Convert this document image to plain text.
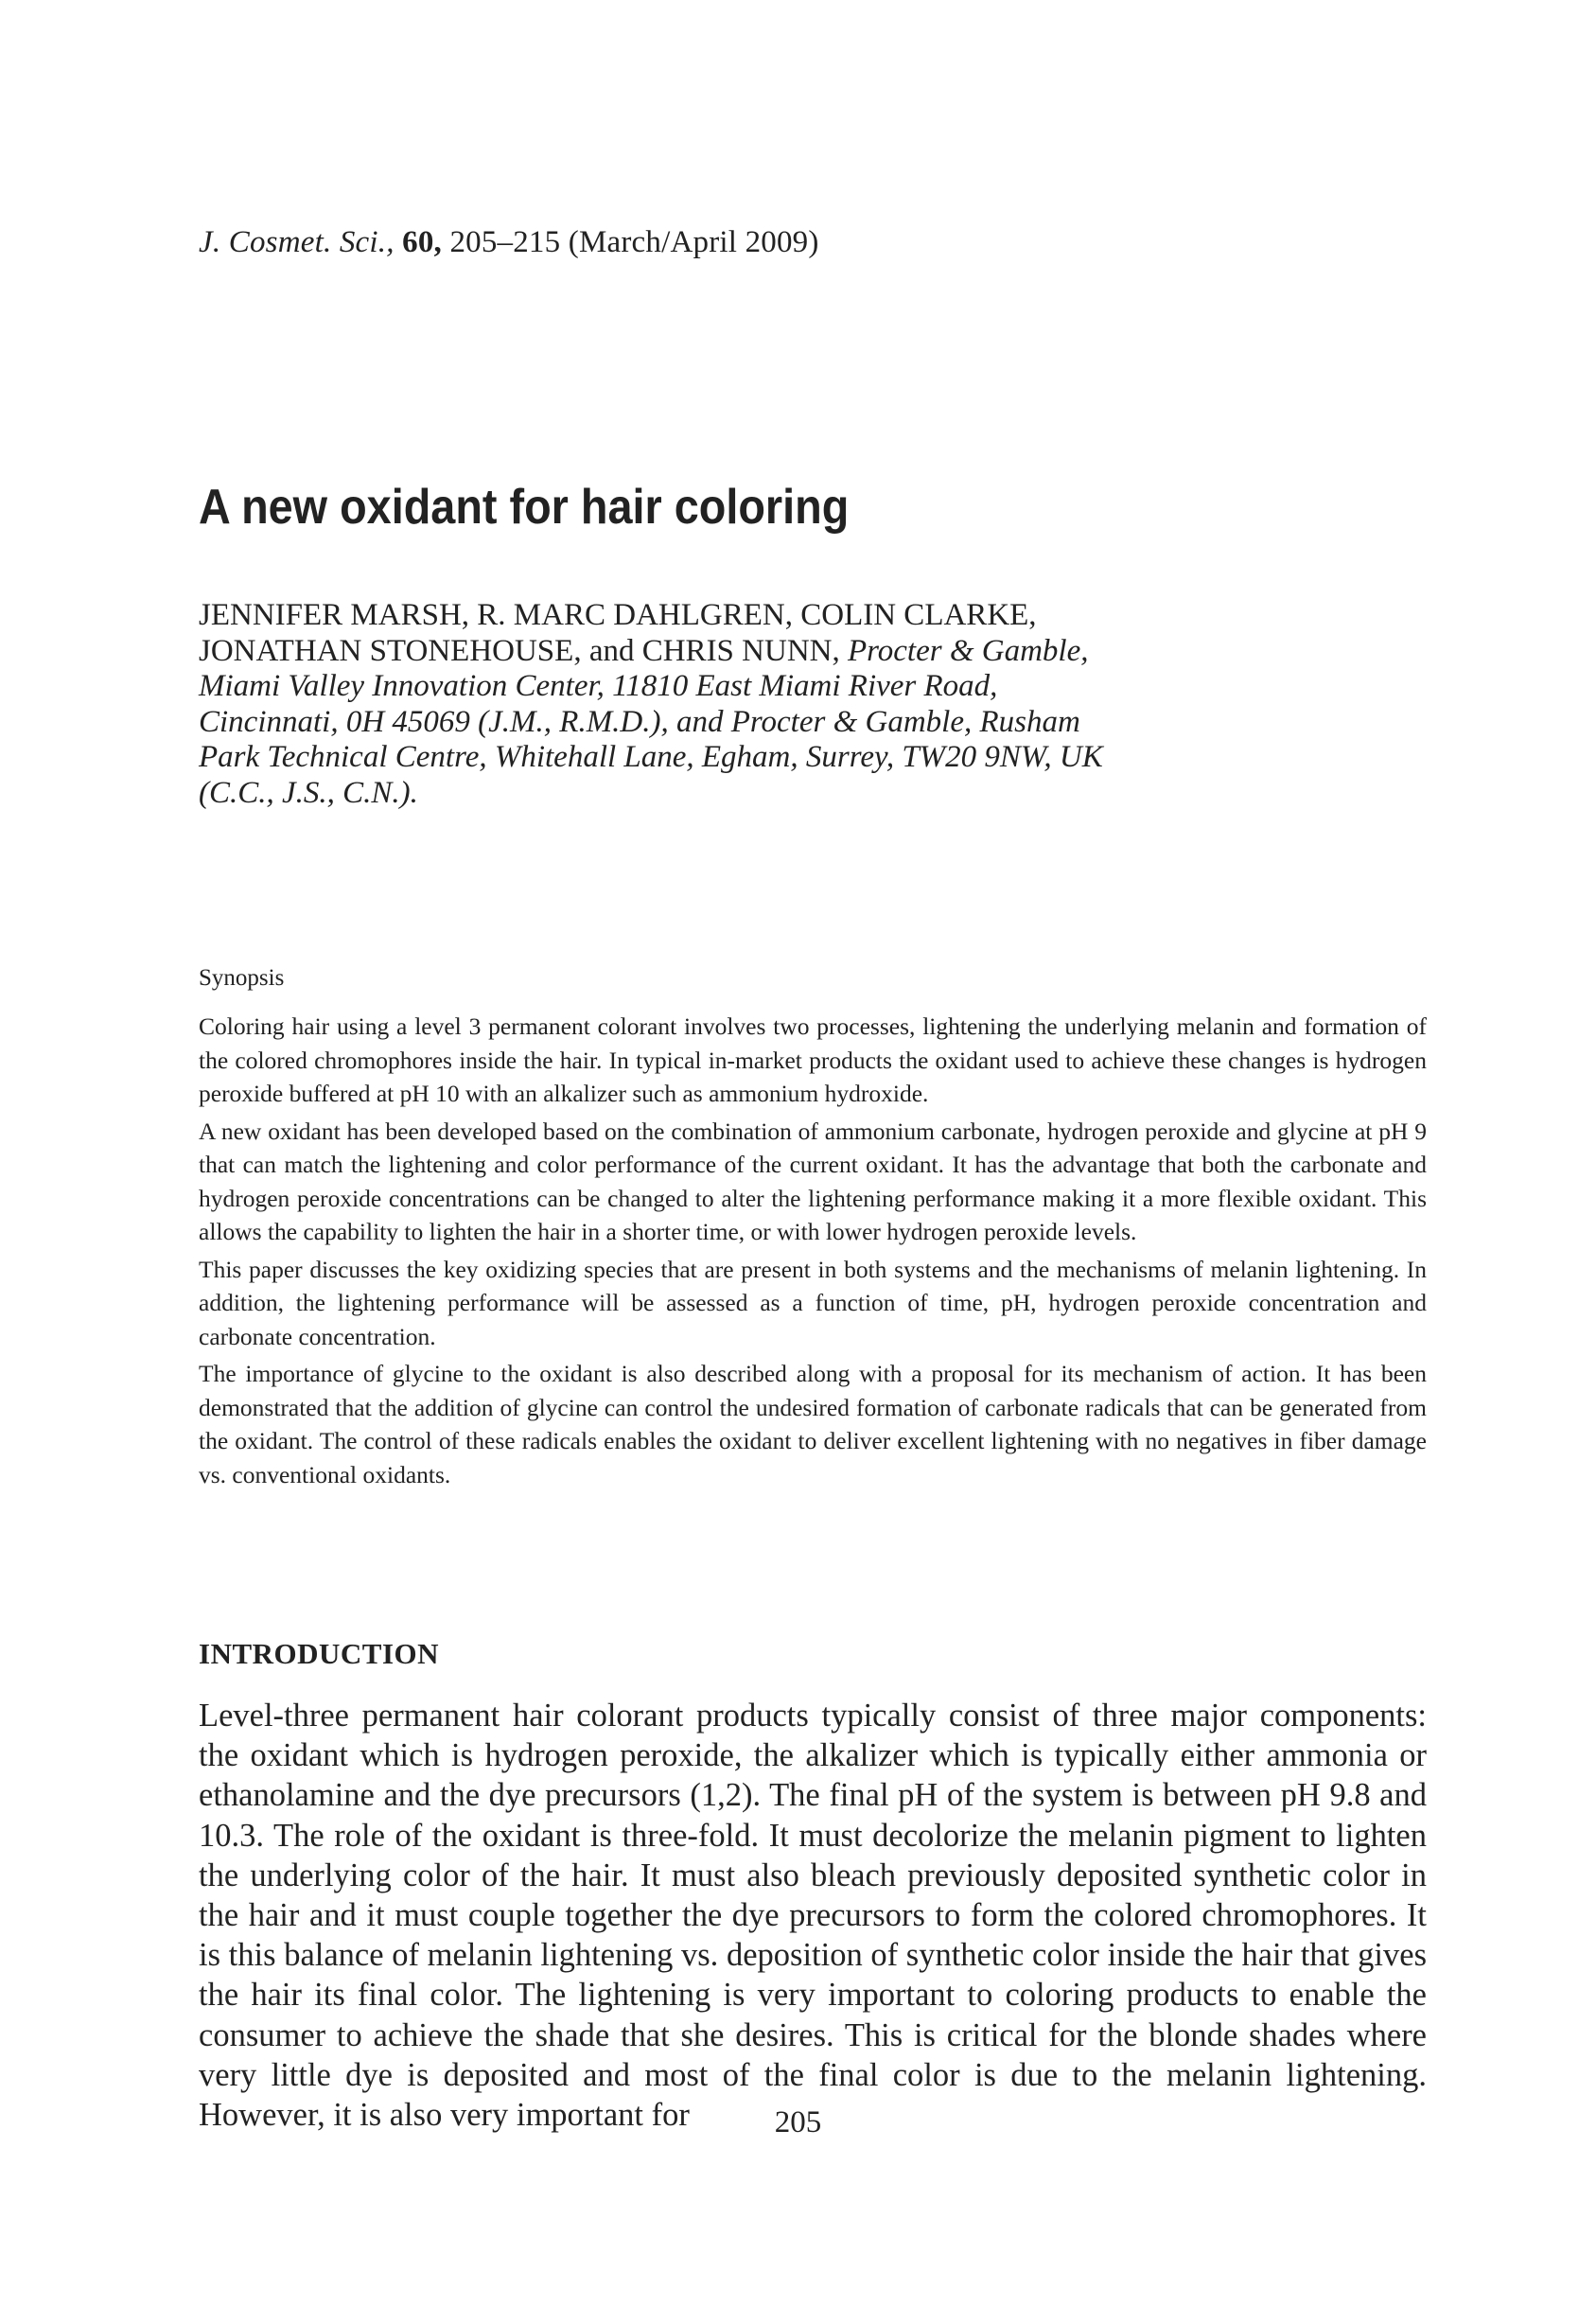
J. Cosmet. Sci., 60, 205–215 (March/April 2009)
A new oxidant for hair coloring
JENNIFER MARSH, R. MARC DAHLGREN, COLIN CLARKE, JONATHAN STONEHOUSE, and CHRIS NUNN, Procter & Gamble, Miami Valley Innovation Center, 11810 East Miami River Road, Cincinnati, 0H 45069 (J.M., R.M.D.), and Procter & Gamble, Rusham Park Technical Centre, Whitehall Lane, Egham, Surrey, TW20 9NW, UK (C.C., J.S., C.N.).
Synopsis

Coloring hair using a level 3 permanent colorant involves two processes, lightening the underlying melanin and formation of the colored chromophores inside the hair. In typical in-market products the oxidant used to achieve these changes is hydrogen peroxide buffered at pH 10 with an alkalizer such as ammonium hydroxide.

A new oxidant has been developed based on the combination of ammonium carbonate, hydrogen peroxide and glycine at pH 9 that can match the lightening and color performance of the current oxidant. It has the advantage that both the carbonate and hydrogen peroxide concentrations can be changed to alter the lightening performance making it a more flexible oxidant. This allows the capability to lighten the hair in a shorter time, or with lower hydrogen peroxide levels.

This paper discusses the key oxidizing species that are present in both systems and the mechanisms of melanin lightening. In addition, the lightening performance will be assessed as a function of time, pH, hydrogen peroxide concentration and carbonate concentration.

The importance of glycine to the oxidant is also described along with a proposal for its mechanism of action. It has been demonstrated that the addition of glycine can control the undesired formation of carbonate radicals that can be generated from the oxidant. The control of these radicals enables the oxidant to deliver excellent lightening with no negatives in fiber damage vs. conventional oxidants.

INTRODUCTION

Level-three permanent hair colorant products typically consist of three major components: the oxidant which is hydrogen peroxide, the alkalizer which is typically either ammonia or ethanolamine and the dye precursors (1,2). The final pH of the system is between pH 9.8 and 10.3. The role of the oxidant is three-fold. It must decolorize the melanin pigment to lighten the underlying color of the hair. It must also bleach previously deposited synthetic color in the hair and it must couple together the dye precursors to form the colored chromophores. It is this balance of melanin lightening vs. deposition of synthetic color inside the hair that gives the hair its final color. The lightening is very important to coloring products to enable the consumer to achieve the shade that she desires. This is critical for the blonde shades where very little dye is deposited and most of the final color is due to the melanin lightening. However, it is also very important for	205
